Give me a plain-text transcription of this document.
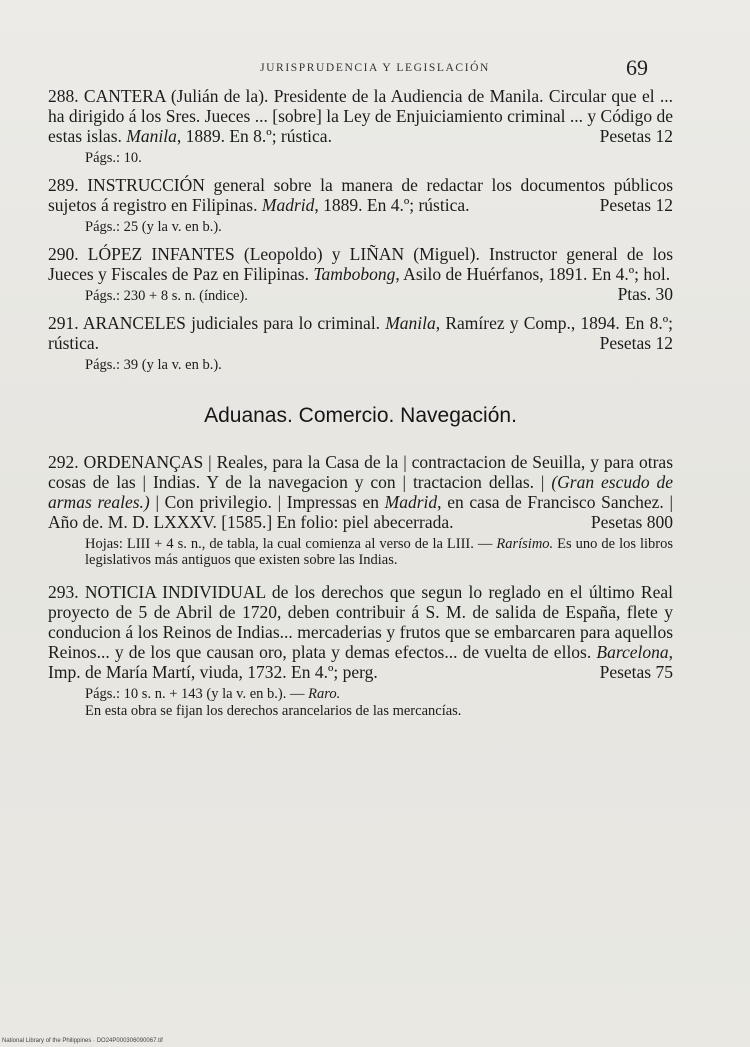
JURISPRUDENCIA Y LEGISLACIÓN	69

288. CANTERA (Julián de la). Presidente de la Audiencia de Manila. Circular que el ... ha dirigido á los Sres. Jueces ... [sobre] la Ley de Enjuiciamiento criminal ... y Código de estas islas. Manila, 1889. En 8.º; rústica.	Pesetas 12

Págs.: 10.

289. INSTRUCCIÓN general sobre la manera de redactar los documentos públicos sujetos á registro en Filipinas. Madrid, 1889. En 4.º; rústica.	Pesetas 12

Págs.: 25 (y la v. en b.).

290. LÓPEZ INFANTES (Leopoldo) y LIÑAN (Miguel). Instructor general de los Jueces y Fiscales de Paz en Filipinas. Tambobong, Asilo de Huérfanos, 1891. En 4.º; hol.
Ptas. 30

Págs.: 230 + 8 s. n. (índice).

291. ARANCELES judiciales para lo criminal. Manila, Ramírez y Comp., 1894. En 8.º; rústica.	Pesetas 12

Págs.: 39 (y la v. en b.).

Aduanas. Comercio. Navegación.

292. ORDENANÇAS | Reales, para la Casa de la | contractacion de Seuilla, y para otras cosas de las | Indias. Y de la navegacion y con | tractacion dellas. | (Gran escudo de armas reales.) | Con privilegio. | Impressas en Madrid, en casa de Francisco Sanchez. | Año de. M. D. LXXXV. [1585.] En folio: piel abecerrada.	Pesetas 800

Hojas: LIII + 4 s. n., de tabla, la cual comienza al verso de la LIII. — Rarísimo. Es uno de los libros legislativos más antiguos que existen sobre las Indias.

293. NOTICIA INDIVIDUAL de los derechos que segun lo reglado en el último Real proyecto de 5 de Abril de 1720, deben contribuir á S. M. de salida de España, flete y conducion á los Reinos de Indias... mercaderias y frutos que se embarcaren para aquellos Reinos... y de los que causan oro, plata y demas efectos... de vuelta de ellos. Barcelona, Imp. de María Martí, viuda, 1732. En 4.º; perg.	Pesetas 75

Págs.: 10 s. n. + 143 (y la v. en b.). — Raro.

En esta obra se fijan los derechos arancelarios de las mercancías.

National Library of the Philippines · DO24P000306090067.tif
